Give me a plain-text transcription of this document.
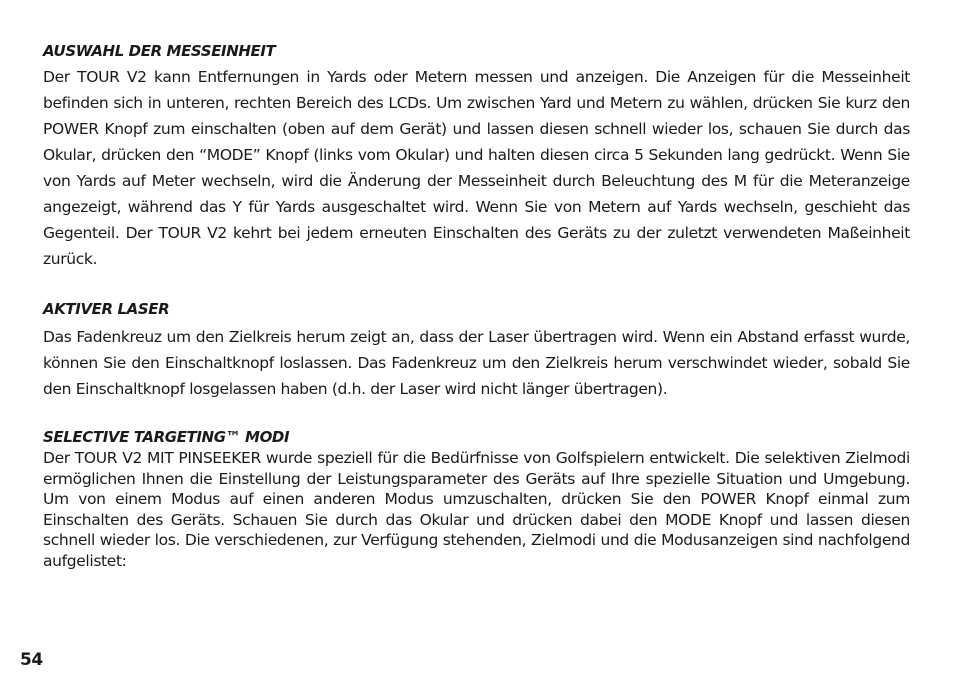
AUSWAHL DER MESSEINHEIT

Der TOUR V2 kann Entfernungen in Yards oder Metern messen und anzeigen. Die Anzeigen für die Messeinheit befinden sich in unteren, rechten Bereich des LCDs. Um zwischen Yard und Metern zu wählen, drücken Sie kurz den POWER Knopf zum einschalten (oben auf dem Gerät) und lassen diesen schnell wieder los, schauen Sie durch das Okular, drücken den “MODE” Knopf (links vom Okular) und halten diesen circa 5 Sekunden lang gedrückt. Wenn Sie von Yards auf Meter wechseln, wird die Änderung der Messeinheit durch Beleuchtung des M für die Meteranzeige angezeigt, während das Y für Yards ausgeschaltet wird. Wenn Sie von Metern auf Yards wechseln, geschieht das Gegenteil. Der TOUR V2 kehrt bei jedem erneuten Einschalten des Geräts zu der zuletzt verwendeten Maßeinheit zurück.

AKTIVER LASER

Das Fadenkreuz um den Zielkreis herum zeigt an, dass der Laser übertragen wird. Wenn ein Abstand erfasst wurde, können Sie den Einschaltknopf loslassen. Das Fadenkreuz um den Zielkreis herum verschwindet wieder, sobald Sie den Einschaltknopf losgelassen haben (d.h. der Laser wird nicht länger übertragen).

SELECTIVE TARGETING™ MODI

Der TOUR V2 MIT PINSEEKER wurde speziell für die Bedürfnisse von Golfspielern entwickelt. Die selektiven Zielmodi ermöglichen Ihnen die Einstellung der Leistungsparameter des Geräts auf Ihre spezielle Situation und Umgebung. Um von einem Modus auf einen anderen Modus umzuschalten, drücken Sie den POWER Knopf einmal zum Einschalten des Geräts. Schauen Sie durch das Okular und drücken dabei den MODE Knopf und lassen diesen schnell wieder los. Die verschiedenen, zur Verfügung stehenden, Zielmodi und die Modusanzeigen sind nachfolgend aufgelistet:

54
